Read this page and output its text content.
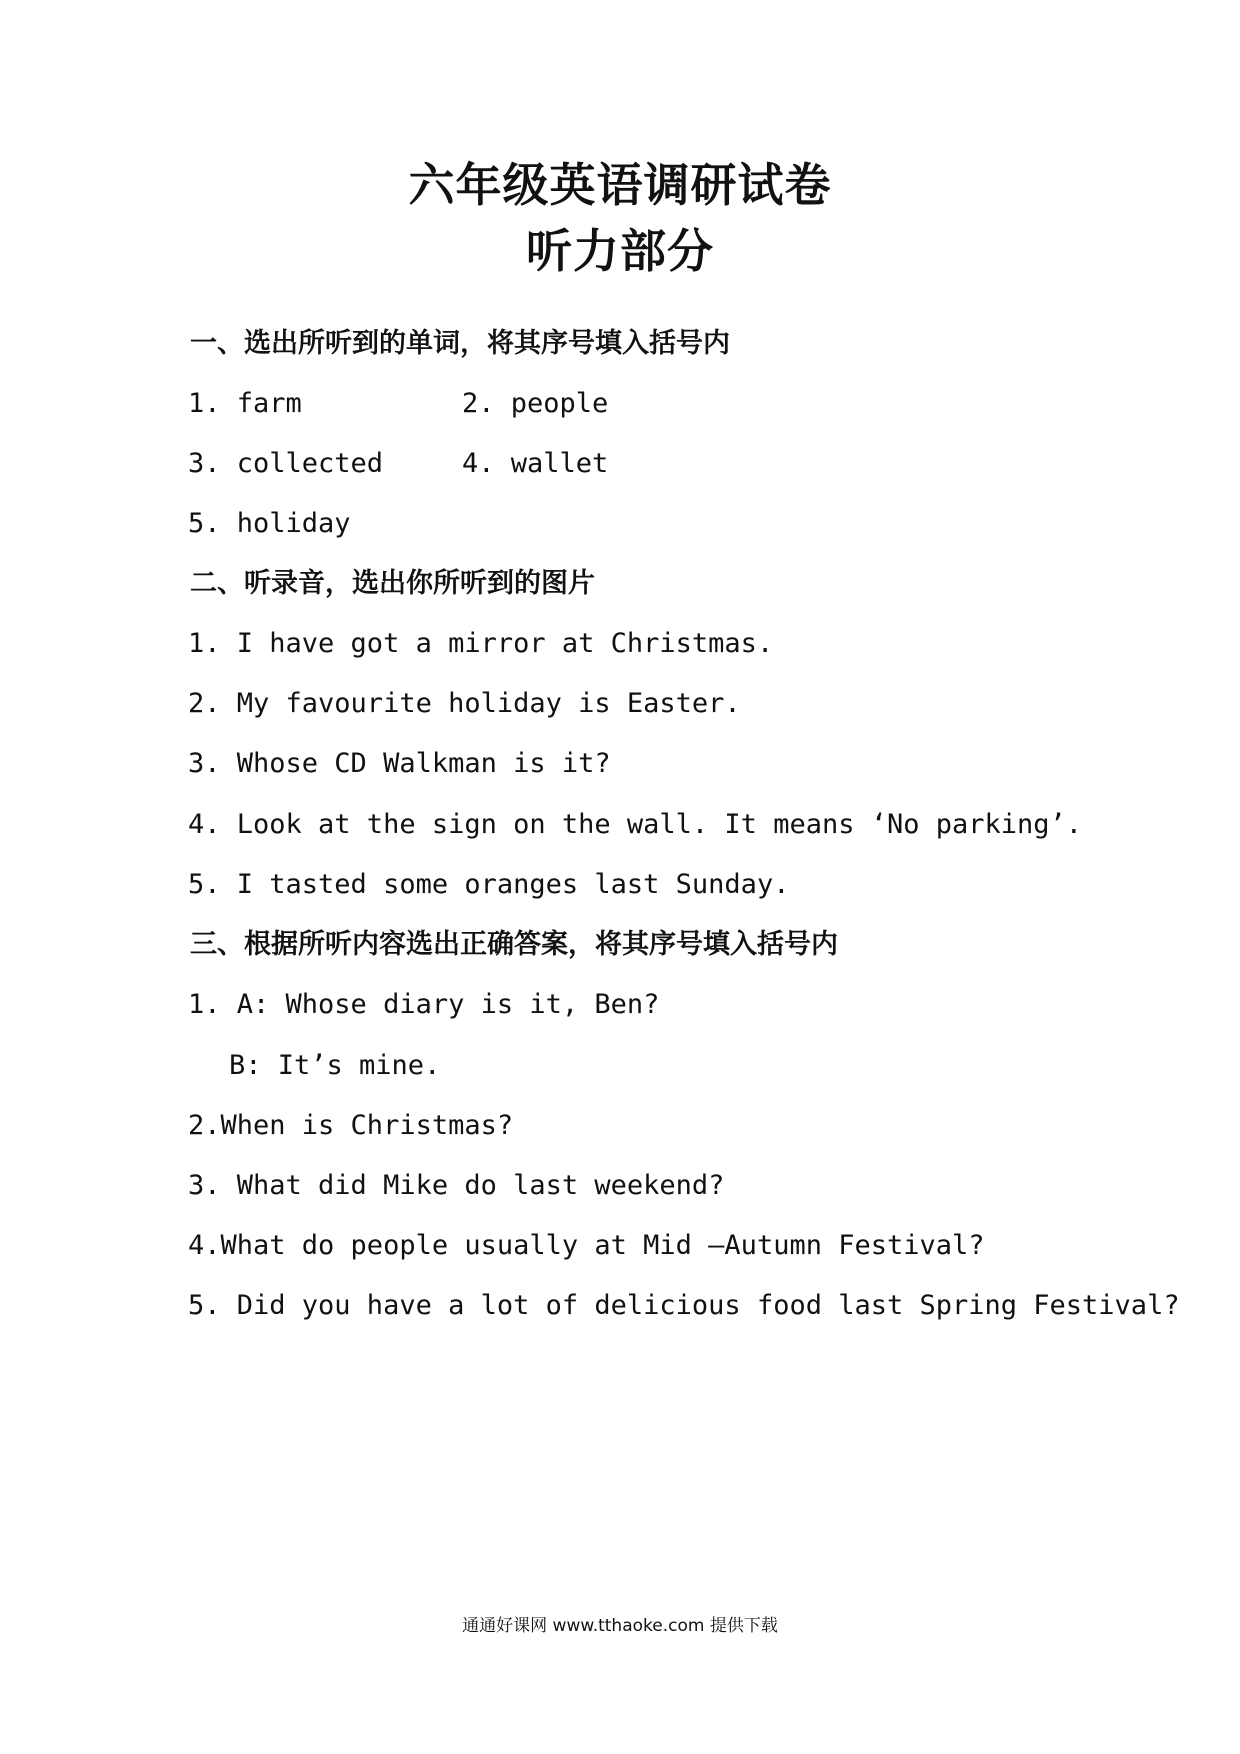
六年级英语调研试卷
听力部分
一、选出所听到的单词，将其序号填入括号内
1. farm	2. people
3. collected	4. wallet
5. holiday
二、听录音，选出你所听到的图片
1. I have got a mirror at Christmas.
2. My favourite holiday is Easter.
3. Whose CD Walkman is it?
4. Look at the sign on the wall. It means ‘No parking’.
5. I tasted some oranges last Sunday.
三、根据所听内容选出正确答案，将其序号填入括号内
1. A: Whose diary is it, Ben?
B: It’s mine.
2.When is Christmas?
3. What did Mike do last weekend?
4.What do people usually at Mid –Autumn Festival?
5. Did you have a lot of delicious food last Spring Festival?
通通好课网 www.tthaoke.com 提供下载
